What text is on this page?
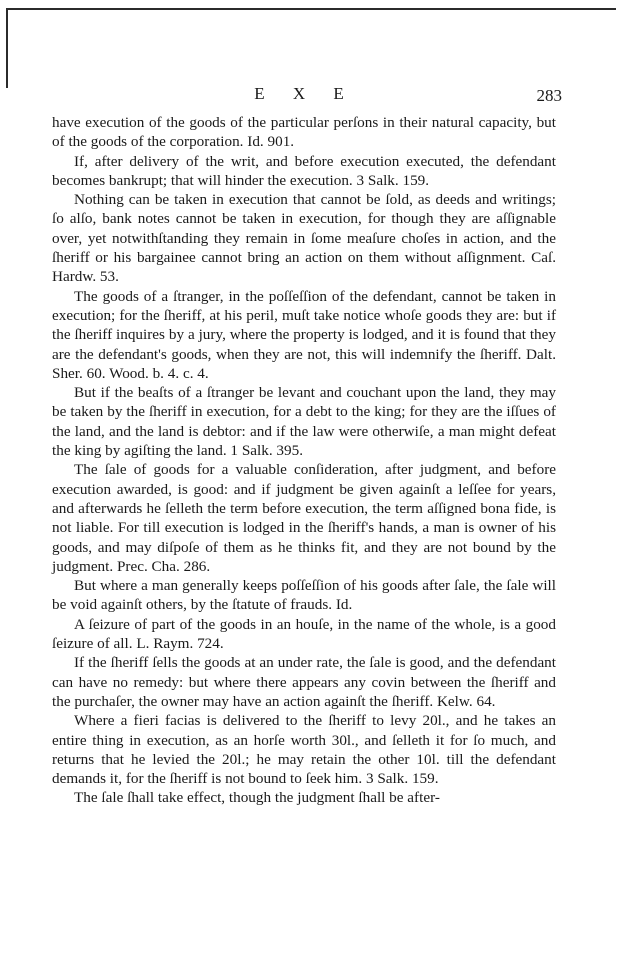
E X E	283

have execution of the goods of the particular perſons in their natural capacity, but of the goods of the corporation. Id. 901.

If, after delivery of the writ, and before execution executed, the defendant becomes bankrupt; that will hinder the execution. 3 Salk. 159.

Nothing can be taken in execution that cannot be ſold, as deeds and writings; ſo alſo, bank notes cannot be taken in execution, for though they are aſſignable over, yet notwithſtanding they remain in ſome meaſure choſes in action, and the ſheriff or his bargainee cannot bring an action on them without aſſignment. Caſ. Hardw. 53.

The goods of a ſtranger, in the poſſeſſion of the defendant, cannot be taken in execution; for the ſheriff, at his peril, muſt take notice whoſe goods they are: but if the ſheriff inquires by a jury, where the property is lodged, and it is found that they are the defendant's goods, when they are not, this will indemnify the ſheriff. Dalt. Sher. 60. Wood. b. 4. c. 4.

But if the beaſts of a ſtranger be levant and couchant upon the land, they may be taken by the ſheriff in execution, for a debt to the king; for they are the iſſues of the land, and the land is debtor: and if the law were otherwiſe, a man might defeat the king by agiſting the land. 1 Salk. 395.

The ſale of goods for a valuable conſideration, after judgment, and before execution awarded, is good: and if judgment be given againſt a leſſee for years, and afterwards he ſelleth the term before execution, the term aſſigned bona fide, is not liable. For till execution is lodged in the ſheriff's hands, a man is owner of his goods, and may diſpoſe of them as he thinks fit, and they are not bound by the judgment. Prec. Cha. 286.

But where a man generally keeps poſſeſſion of his goods after ſale, the ſale will be void againſt others, by the ſtatute of frauds. Id.

A ſeizure of part of the goods in an houſe, in the name of the whole, is a good ſeizure of all. L. Raym. 724.

If the ſheriff ſells the goods at an under rate, the ſale is good, and the defendant can have no remedy: but where there appears any covin between the ſheriff and the purchaſer, the owner may have an action againſt the ſheriff. Kelw. 64.

Where a fieri facias is delivered to the ſheriff to levy 20l., and he takes an entire thing in execution, as an horſe worth 30l., and ſelleth it for ſo much, and returns that he levied the 20l.; he may retain the other 10l. till the defendant demands it, for the ſheriff is not bound to ſeek him. 3 Salk. 159.

The ſale ſhall take effect, though the judgment ſhall be after-
